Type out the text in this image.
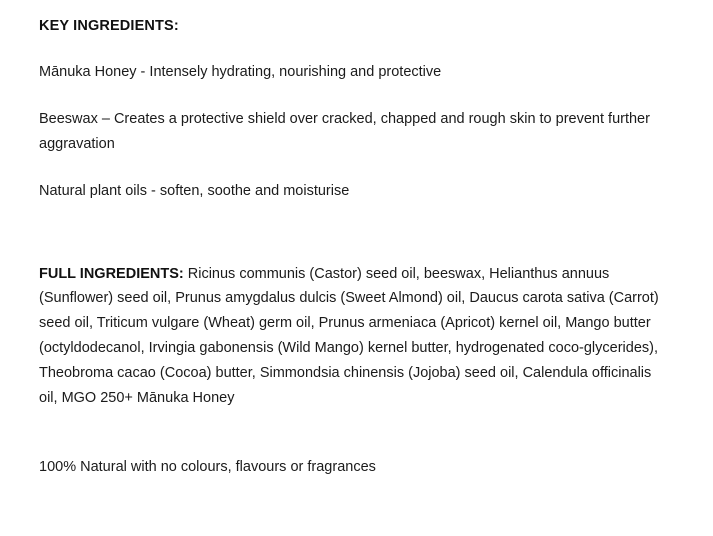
KEY INGREDIENTS:

Mānuka Honey - Intensely hydrating, nourishing and protective

Beeswax – Creates a protective shield over cracked, chapped and rough skin to prevent further aggravation

Natural plant oils - soften, soothe and moisturise

FULL INGREDIENTS: Ricinus communis (Castor) seed oil, beeswax, Helianthus annuus (Sunflower) seed oil, Prunus amygdalus dulcis (Sweet Almond) oil, Daucus carota sativa (Carrot) seed oil, Triticum vulgare (Wheat) germ oil, Prunus armeniaca (Apricot) kernel oil, Mango butter (octyldodecanol, Irvingia gabonensis (Wild Mango) kernel butter, hydrogenated coco-glycerides), Theobroma cacao (Cocoa) butter, Simmondsia chinensis (Jojoba) seed oil, Calendula officinalis oil, MGO 250+ Mānuka Honey

100% Natural with no colours, flavours or fragrances
